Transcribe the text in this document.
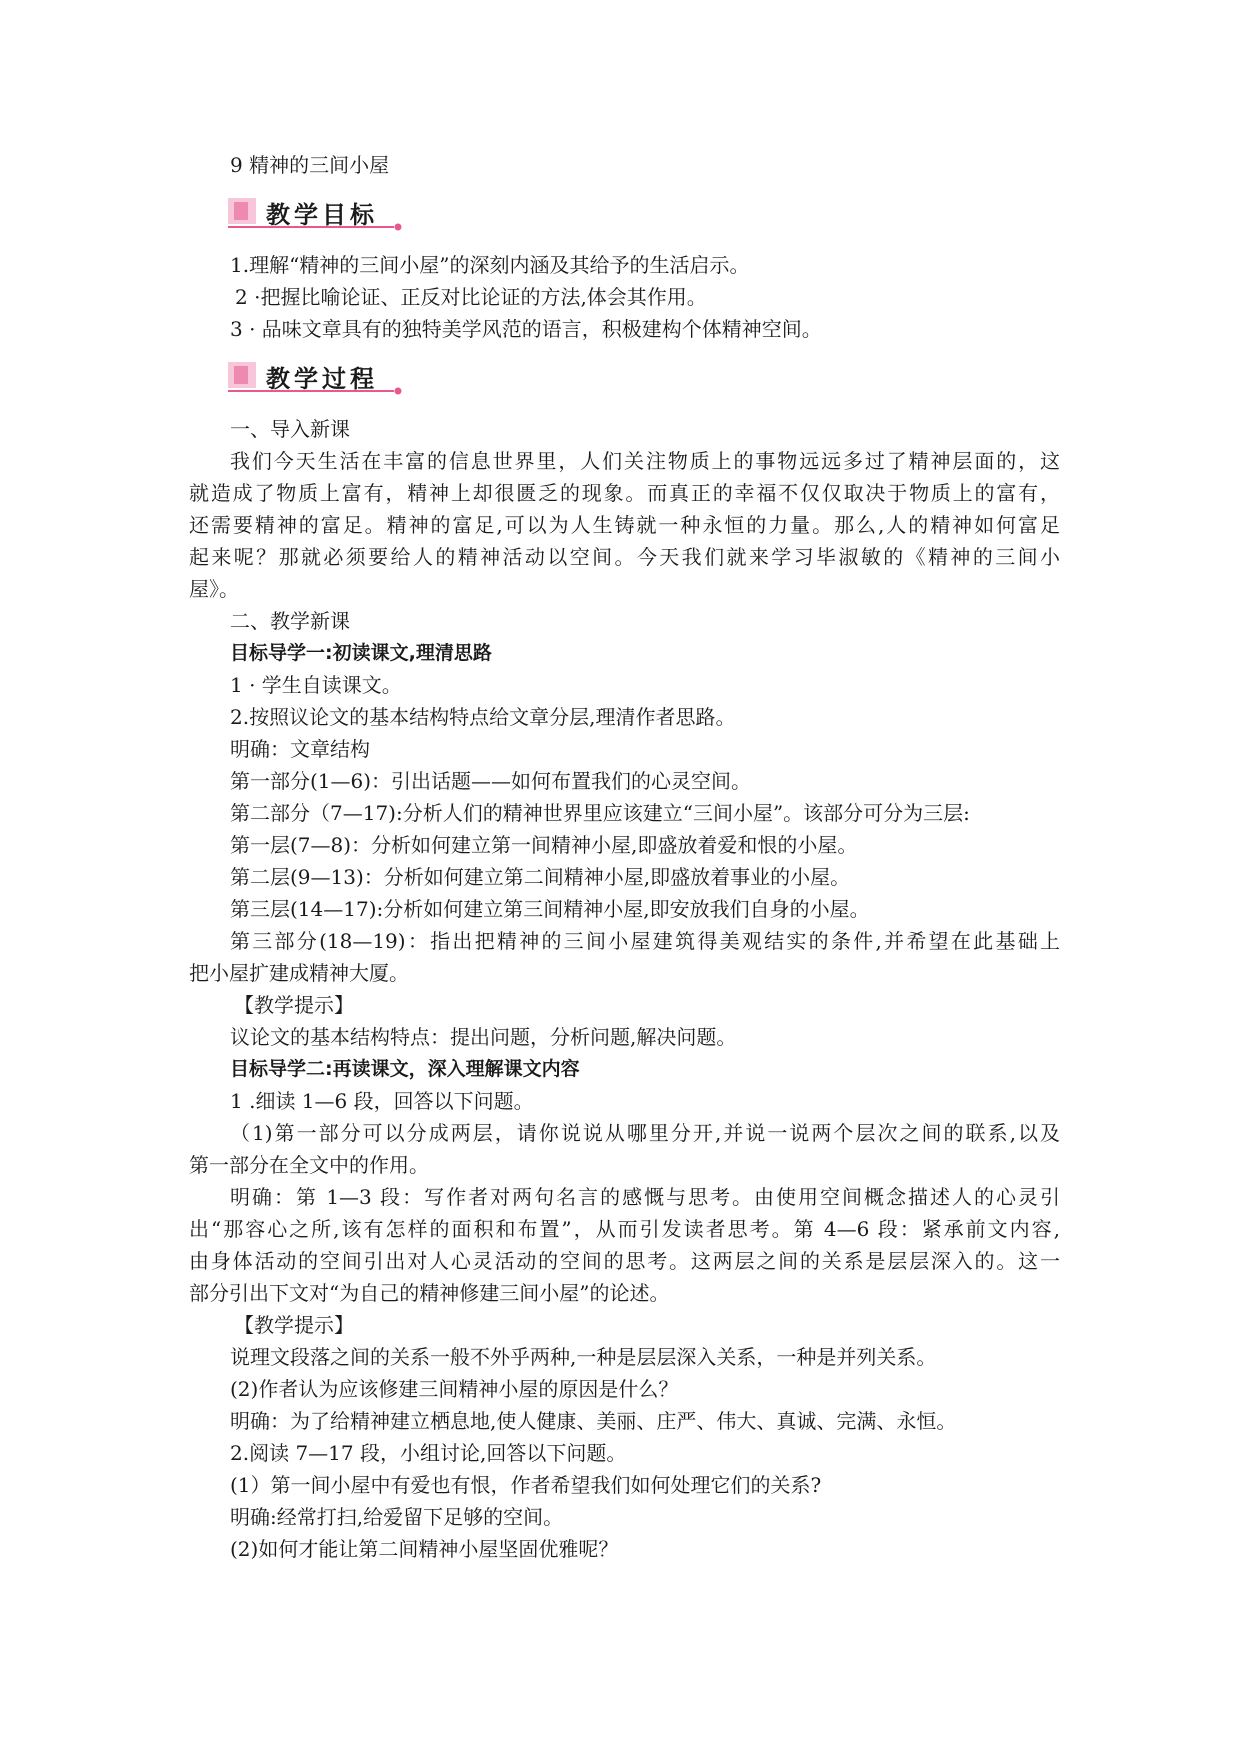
9 精神的三间小屋
教学目标
1.理解“精神的三间小屋”的深刻内涵及其给予的生活启示。
2 ·把握比喻论证、正反对比论证的方法,体会其作用。
3 · 品味文章具有的独特美学风范的语言，积极建构个体精神空间。
教学过程
一、导入新课
我们今天生活在丰富的信息世界里，人们关注物质上的事物远远多过了精神层面的，这
就造成了物质上富有，精神上却很匮乏的现象。而真正的幸福不仅仅取决于物质上的富有，
还需要精神的富足。精神的富足,可以为人生铸就一种永恒的力量。那么,人的精神如何富足
起来呢？那就必须要给人的精神活动以空间。今天我们就来学习毕淑敏的《精神的三间小
屋》。
二、教学新课
目标导学一:初读课文,理清思路
1 · 学生自读课文。
2.按照议论文的基本结构特点给文章分层,理清作者思路。
明确：文章结构
第一部分(1—6)：引出话题——如何布置我们的心灵空间。
第二部分（7—17):分析人们的精神世界里应该建立“三间小屋”。该部分可分为三层:
第一层(7—8)：分析如何建立第一间精神小屋,即盛放着爱和恨的小屋。
第二层(9—13)：分析如何建立第二间精神小屋,即盛放着事业的小屋。
第三层(14—17):分析如何建立第三间精神小屋,即安放我们自身的小屋。
第三部分(18—19)：指出把精神的三间小屋建筑得美观结实的条件,并希望在此基础上
把小屋扩建成精神大厦。
【教学提示】
议论文的基本结构特点：提出问题，分析问题,解决问题。
目标导学二:再读课文，深入理解课文内容
1 .细读 1—6 段，回答以下问题。
（1)第一部分可以分成两层，请你说说从哪里分开,并说一说两个层次之间的联系,以及
第一部分在全文中的作用。
明确：第 1—3 段：写作者对两句名言的感慨与思考。由使用空间概念描述人的心灵引
出“那容心之所,该有怎样的面积和布置”，从而引发读者思考。第 4—6 段：紧承前文内容,
由身体活动的空间引出对人心灵活动的空间的思考。这两层之间的关系是层层深入的。这一
部分引出下文对“为自己的精神修建三间小屋”的论述。
【教学提示】
说理文段落之间的关系一般不外乎两种,一种是层层深入关系，一种是并列关系。
(2)作者认为应该修建三间精神小屋的原因是什么？
明确：为了给精神建立栖息地,使人健康、美丽、庄严、伟大、真诚、完满、永恒。
2.阅读 7—17 段，小组讨论,回答以下问题。
(1）第一间小屋中有爱也有恨，作者希望我们如何处理它们的关系?
明确:经常打扫,给爱留下足够的空间。
(2)如何才能让第二间精神小屋坚固优雅呢？
